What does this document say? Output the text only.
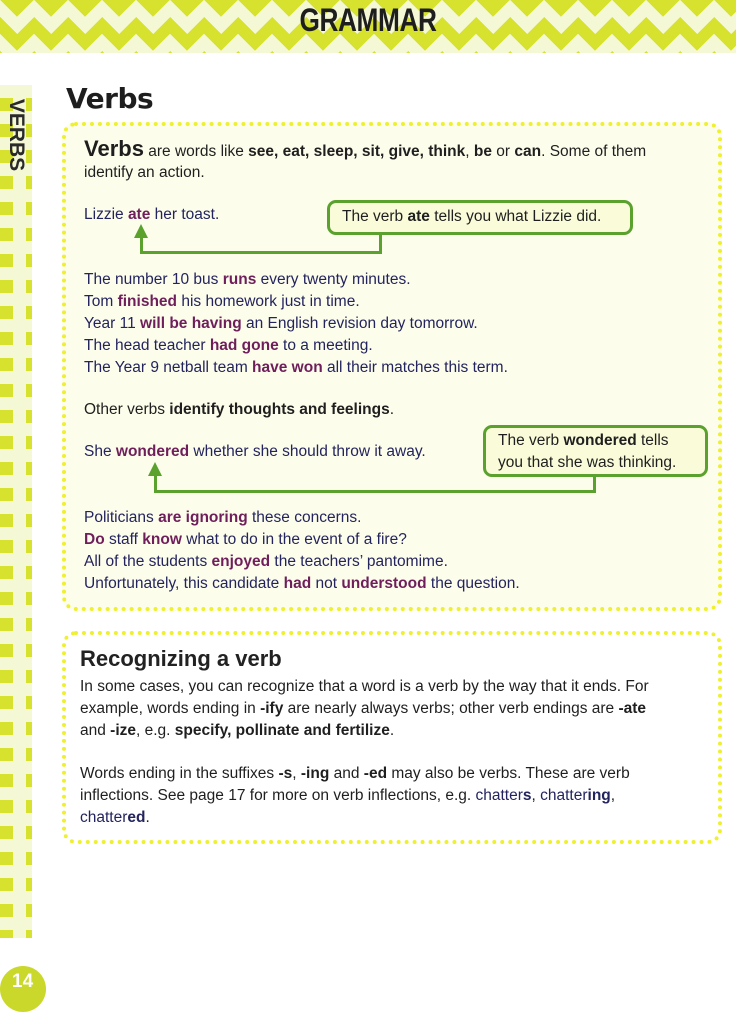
GRAMMAR
VERBS
Verbs
Verbs are words like see, eat, sleep, sit, give, think, be or can. Some of them
identify an action.
Lizzie ate her toast.	The verb ate tells you what Lizzie did.
The number 10 bus runs every twenty minutes.
Tom finished his homework just in time.
Year 11 will be having an English revision day tomorrow.
The head teacher had gone to a meeting.
The Year 9 netball team have won all their matches this term.
Other verbs identify thoughts and feelings.
She wondered whether she should throw it away.
The verb wondered tells
you that she was thinking.
Politicians are ignoring these concerns.
Do staff know what to do in the event of a fire?
All of the students enjoyed the teachers’ pantomime.
Unfortunately, this candidate had not understood the question.
Recognizing a verb
In some cases, you can recognize that a word is a verb by the way that it ends. For
example, words ending in -ify are nearly always verbs; other verb endings are -ate
and -ize, e.g. specify, pollinate and fertilize.
Words ending in the suffixes -s, -ing and -ed may also be verbs. These are verb
inflections. See page 17 for more on verb inflections, e.g. chatters, chattering,
chattered.
14
